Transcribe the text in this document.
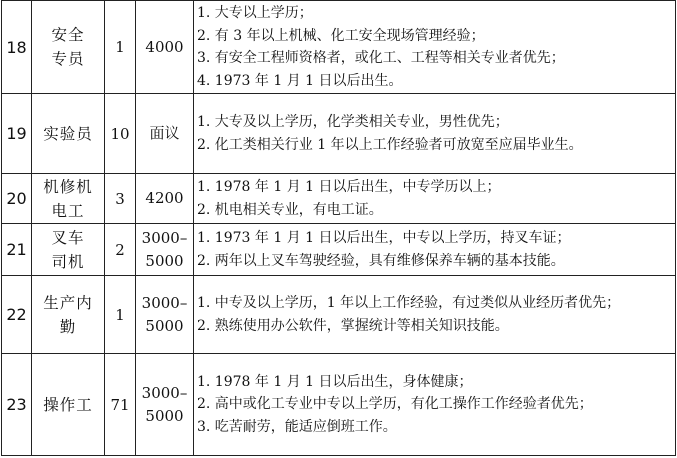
18	安全专员	1	4000	1. 大专以上学历；
2. 有 3 年以上机械、化工安全现场管理经验；
3. 有安全工程师资格者，或化工、工程等相关专业者优先；
4. 1973 年 1 月 1 日以后出生。

19	实验员	10	面议	1. 大专及以上学历，化学类相关专业，男性优先；
2. 化工类相关行业 1 年以上工作经验者可放宽至应届毕业生。

20	机修机电工	3	4200	1. 1978 年 1 月 1 日以后出生，中专学历以上；
2. 机电相关专业，有电工证。

21	叉车司机	2	3000–5000	1. 1973 年 1 月 1 日以后出生，中专以上学历，持叉车证；
2. 两年以上叉车驾驶经验，具有维修保养车辆的基本技能。

22	生产内勤	1	3000–5000	1. 中专及以上学历，1 年以上工作经验，有过类似从业经历者优先；
2. 熟练使用办公软件，掌握统计等相关知识技能。

23	操作工	71	3000–5000	1. 1978 年 1 月 1 日以后出生，身体健康；
2. 高中或化工专业中专以上学历，有化工操作工作经验者优先；
3. 吃苦耐劳，能适应倒班工作。
